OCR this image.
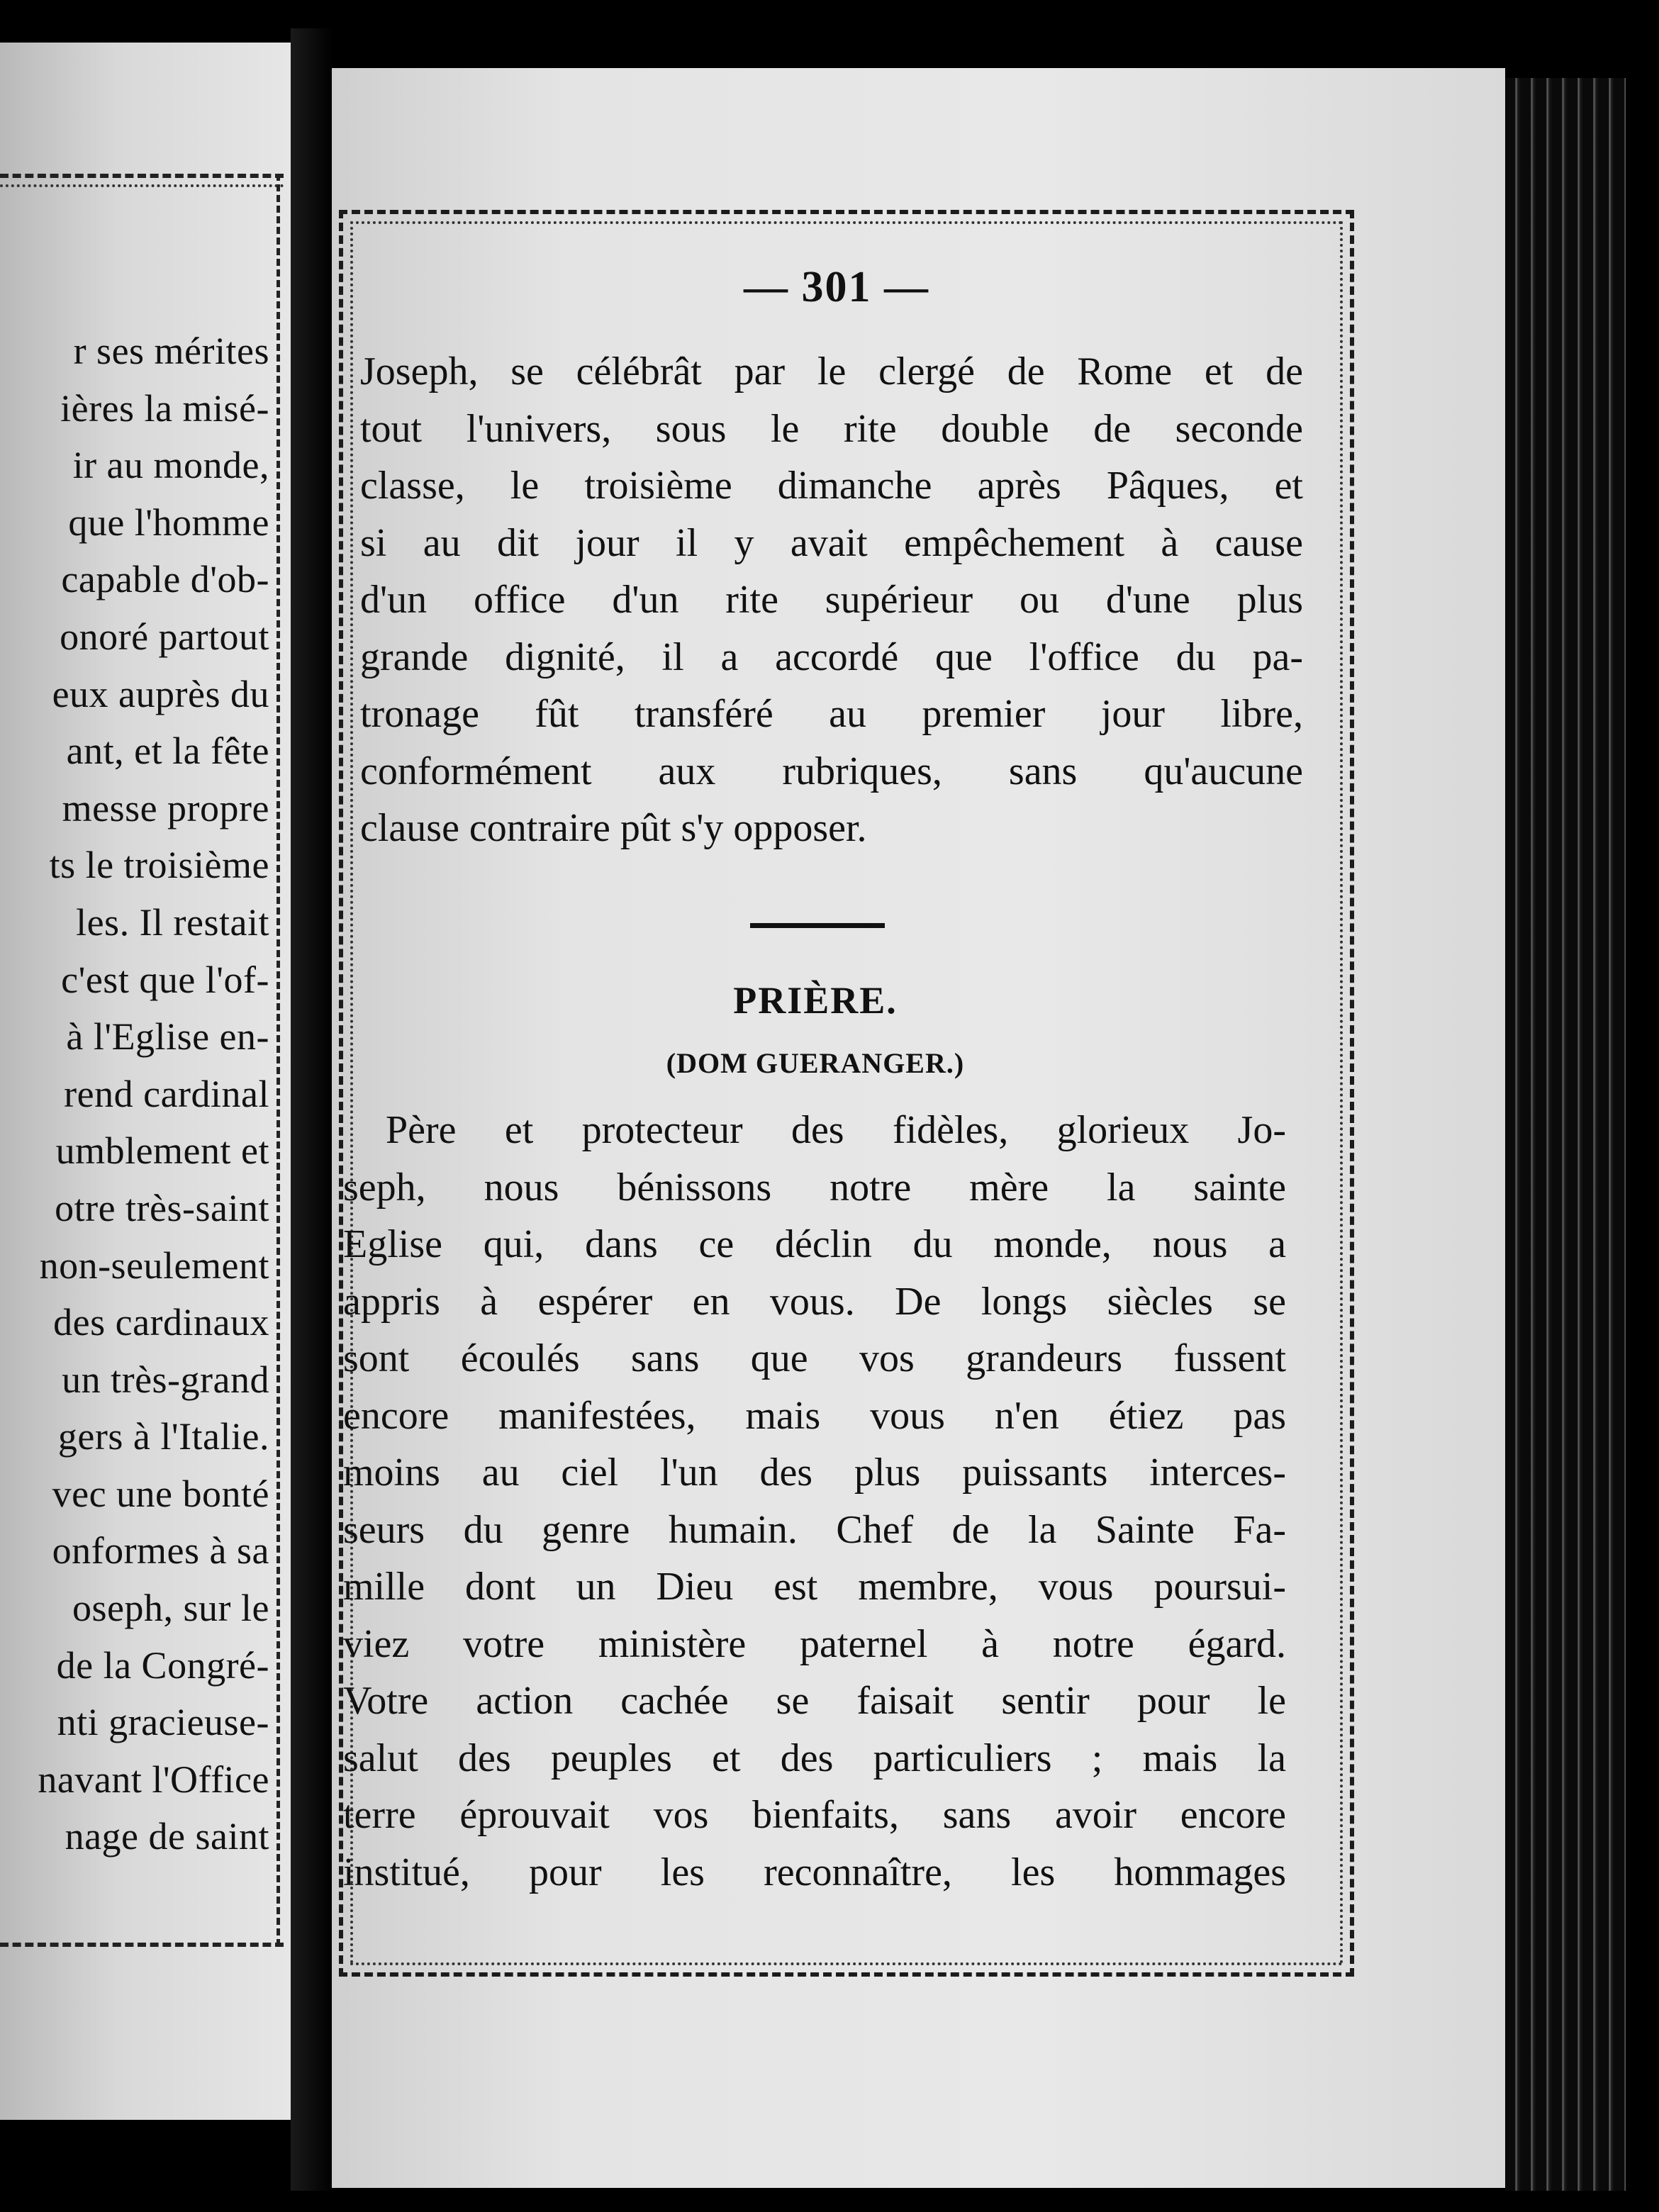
r ses mérites
ières la misé-
ir au monde,
que l'homme
capable d'ob-
onoré partout
eux auprès du
ant, et la fête
messe propre
ts le troisième
les. Il restait
c'est que l'of-
à l'Eglise en-
rend cardinal
umblement et
otre très-saint
non-seulement
des cardinaux
un très-grand
gers à l'Italie.
vec une bonté
onformes à sa
oseph, sur le
de la Congré-
nti gracieuse-
navant l'Office
nage de saint
— 301 —
Joseph, se célébrât par le clergé de Rome et de
tout l'univers, sous le rite double de seconde
classe, le troisième dimanche après Pâques, et
si au dit jour il y avait empêchement à cause
d'un office d'un rite supérieur ou d'une plus
grande dignité, il a accordé que l'office du pa-
tronage fût transféré au premier jour libre,
conformément aux rubriques, sans qu'aucune
clause contraire pût s'y opposer.
PRIÈRE.
(DOM GUERANGER.)
Père et protecteur des fidèles, glorieux Jo-
seph, nous bénissons notre mère la sainte
Eglise qui, dans ce déclin du monde, nous a
appris à espérer en vous. De longs siècles se
sont écoulés sans que vos grandeurs fussent
encore manifestées, mais vous n'en étiez pas
moins au ciel l'un des plus puissants interces-
seurs du genre humain. Chef de la Sainte Fa-
mille dont un Dieu est membre, vous poursui-
viez votre ministère paternel à notre égard.
Votre action cachée se faisait sentir pour le
salut des peuples et des particuliers ; mais la
terre éprouvait vos bienfaits, sans avoir encore
institué, pour les reconnaître, les hommages
